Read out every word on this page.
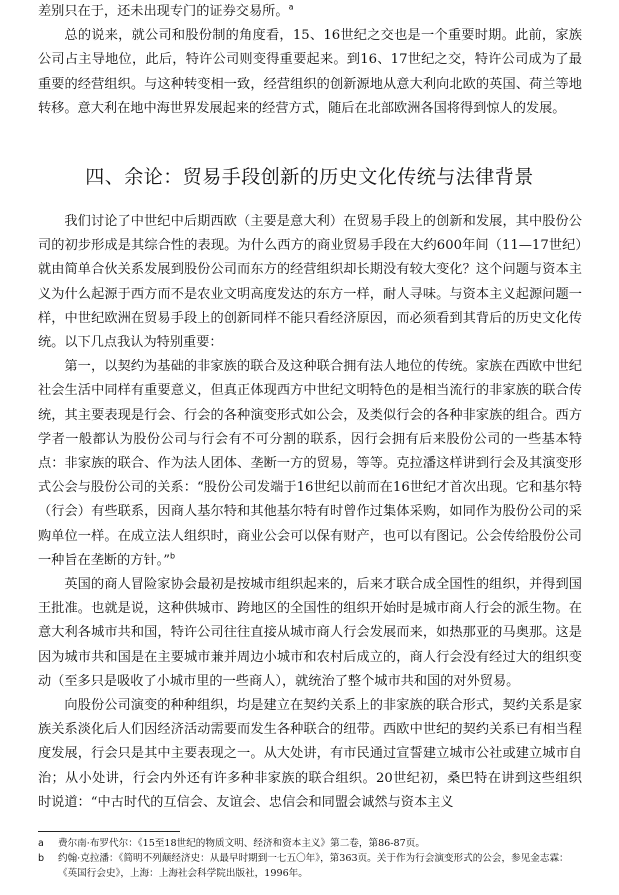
差别只在于，还未出现专门的证券交易所。$^a$

总的说来，就公司和股份制的角度看，15、16世纪之交也是一个重要时期。此前，家族公司占主导地位，此后，特许公司则变得重要起来。到16、17世纪之交，特许公司成为了最重要的经营组织。与这种转变相一致，经营组织的创新源地从意大利向北欧的英国、荷兰等地转移。意大利在地中海世界发展起来的经营方式，随后在北部欧洲各国将得到惊人的发展。

四、余论：贸易手段创新的历史文化传统与法律背景

我们讨论了中世纪中后期西欧（主要是意大利）在贸易手段上的创新和发展，其中股份公司的初步形成是其综合性的表现。为什么西方的商业贸易手段在大约600年间（11—17世纪）就由简单合伙关系发展到股份公司而东方的经营组织却长期没有较大变化？这个问题与资本主义为什么起源于西方而不是农业文明高度发达的东方一样，耐人寻味。与资本主义起源问题一样，中世纪欧洲在贸易手段上的创新同样不能只看经济原因，而必须看到其背后的历史文化传统。以下几点我认为特别重要：

第一，以契约为基础的非家族的联合及这种联合拥有法人地位的传统。家族在西欧中世纪社会生活中同样有重要意义，但真正体现西方中世纪文明特色的是相当流行的非家族的联合传统，其主要表现是行会、行会的各种演变形式如公会，及类似行会的各种非家族的组合。西方学者一般都认为股份公司与行会有不可分割的联系，因行会拥有后来股份公司的一些基本特点：非家族的联合、作为法人团体、垄断一方的贸易，等等。克拉潘这样讲到行会及其演变形式公会与股份公司的关系：“股份公司发端于16世纪以前而在16世纪才首次出现。它和基尔特（行会）有些联系，因商人基尔特和其他基尔特有时曾作过集体采购，如同作为股份公司的采购单位一样。在成立法人组织时，商业公会可以保有财产，也可以有图记。公会传给股份公司一种旨在垄断的方针。”$^b$

英国的商人冒险家协会最初是按城市组织起来的，后来才联合成全国性的组织，并得到国王批准。也就是说，这种供城市、跨地区的全国性的组织开始时是城市商人行会的派生物。在意大利各城市共和国，特许公司往往直接从城市商人行会发展而来，如热那亚的马奥那。这是因为城市共和国是在主要城市兼并周边小城市和农村后成立的，商人行会没有经过大的组织变动（至多只是吸收了小城市里的一些商人），就统治了整个城市共和国的对外贸易。

向股份公司演变的种种组织，均是建立在契约关系上的非家族的联合形式，契约关系是家族关系淡化后人们因经济活动需要而发生各种联合的纽带。西欧中世纪的契约关系已有相当程度发展，行会只是其中主要表现之一。从大处讲，有市民通过宣誓建立城市公社或建立城市自治；从小处讲，行会内外还有许多种非家族的联合组织。20世纪初，桑巴特在讲到这些组织时说道：“中古时代的互信会、友谊会、忠信会和同盟会诚然与资本主义

a	费尔南·布罗代尔：《15至18世纪的物质文明、经济和资本主义》第二卷，第86-87页。
b	约翰·克拉潘：《简明不列颠经济史：从最早时期到一七五〇年》，第363页。关于作为行会演变形式的公会，参见金志霖：《英国行会史》，上海：上海社会科学院出版社，1996年。
